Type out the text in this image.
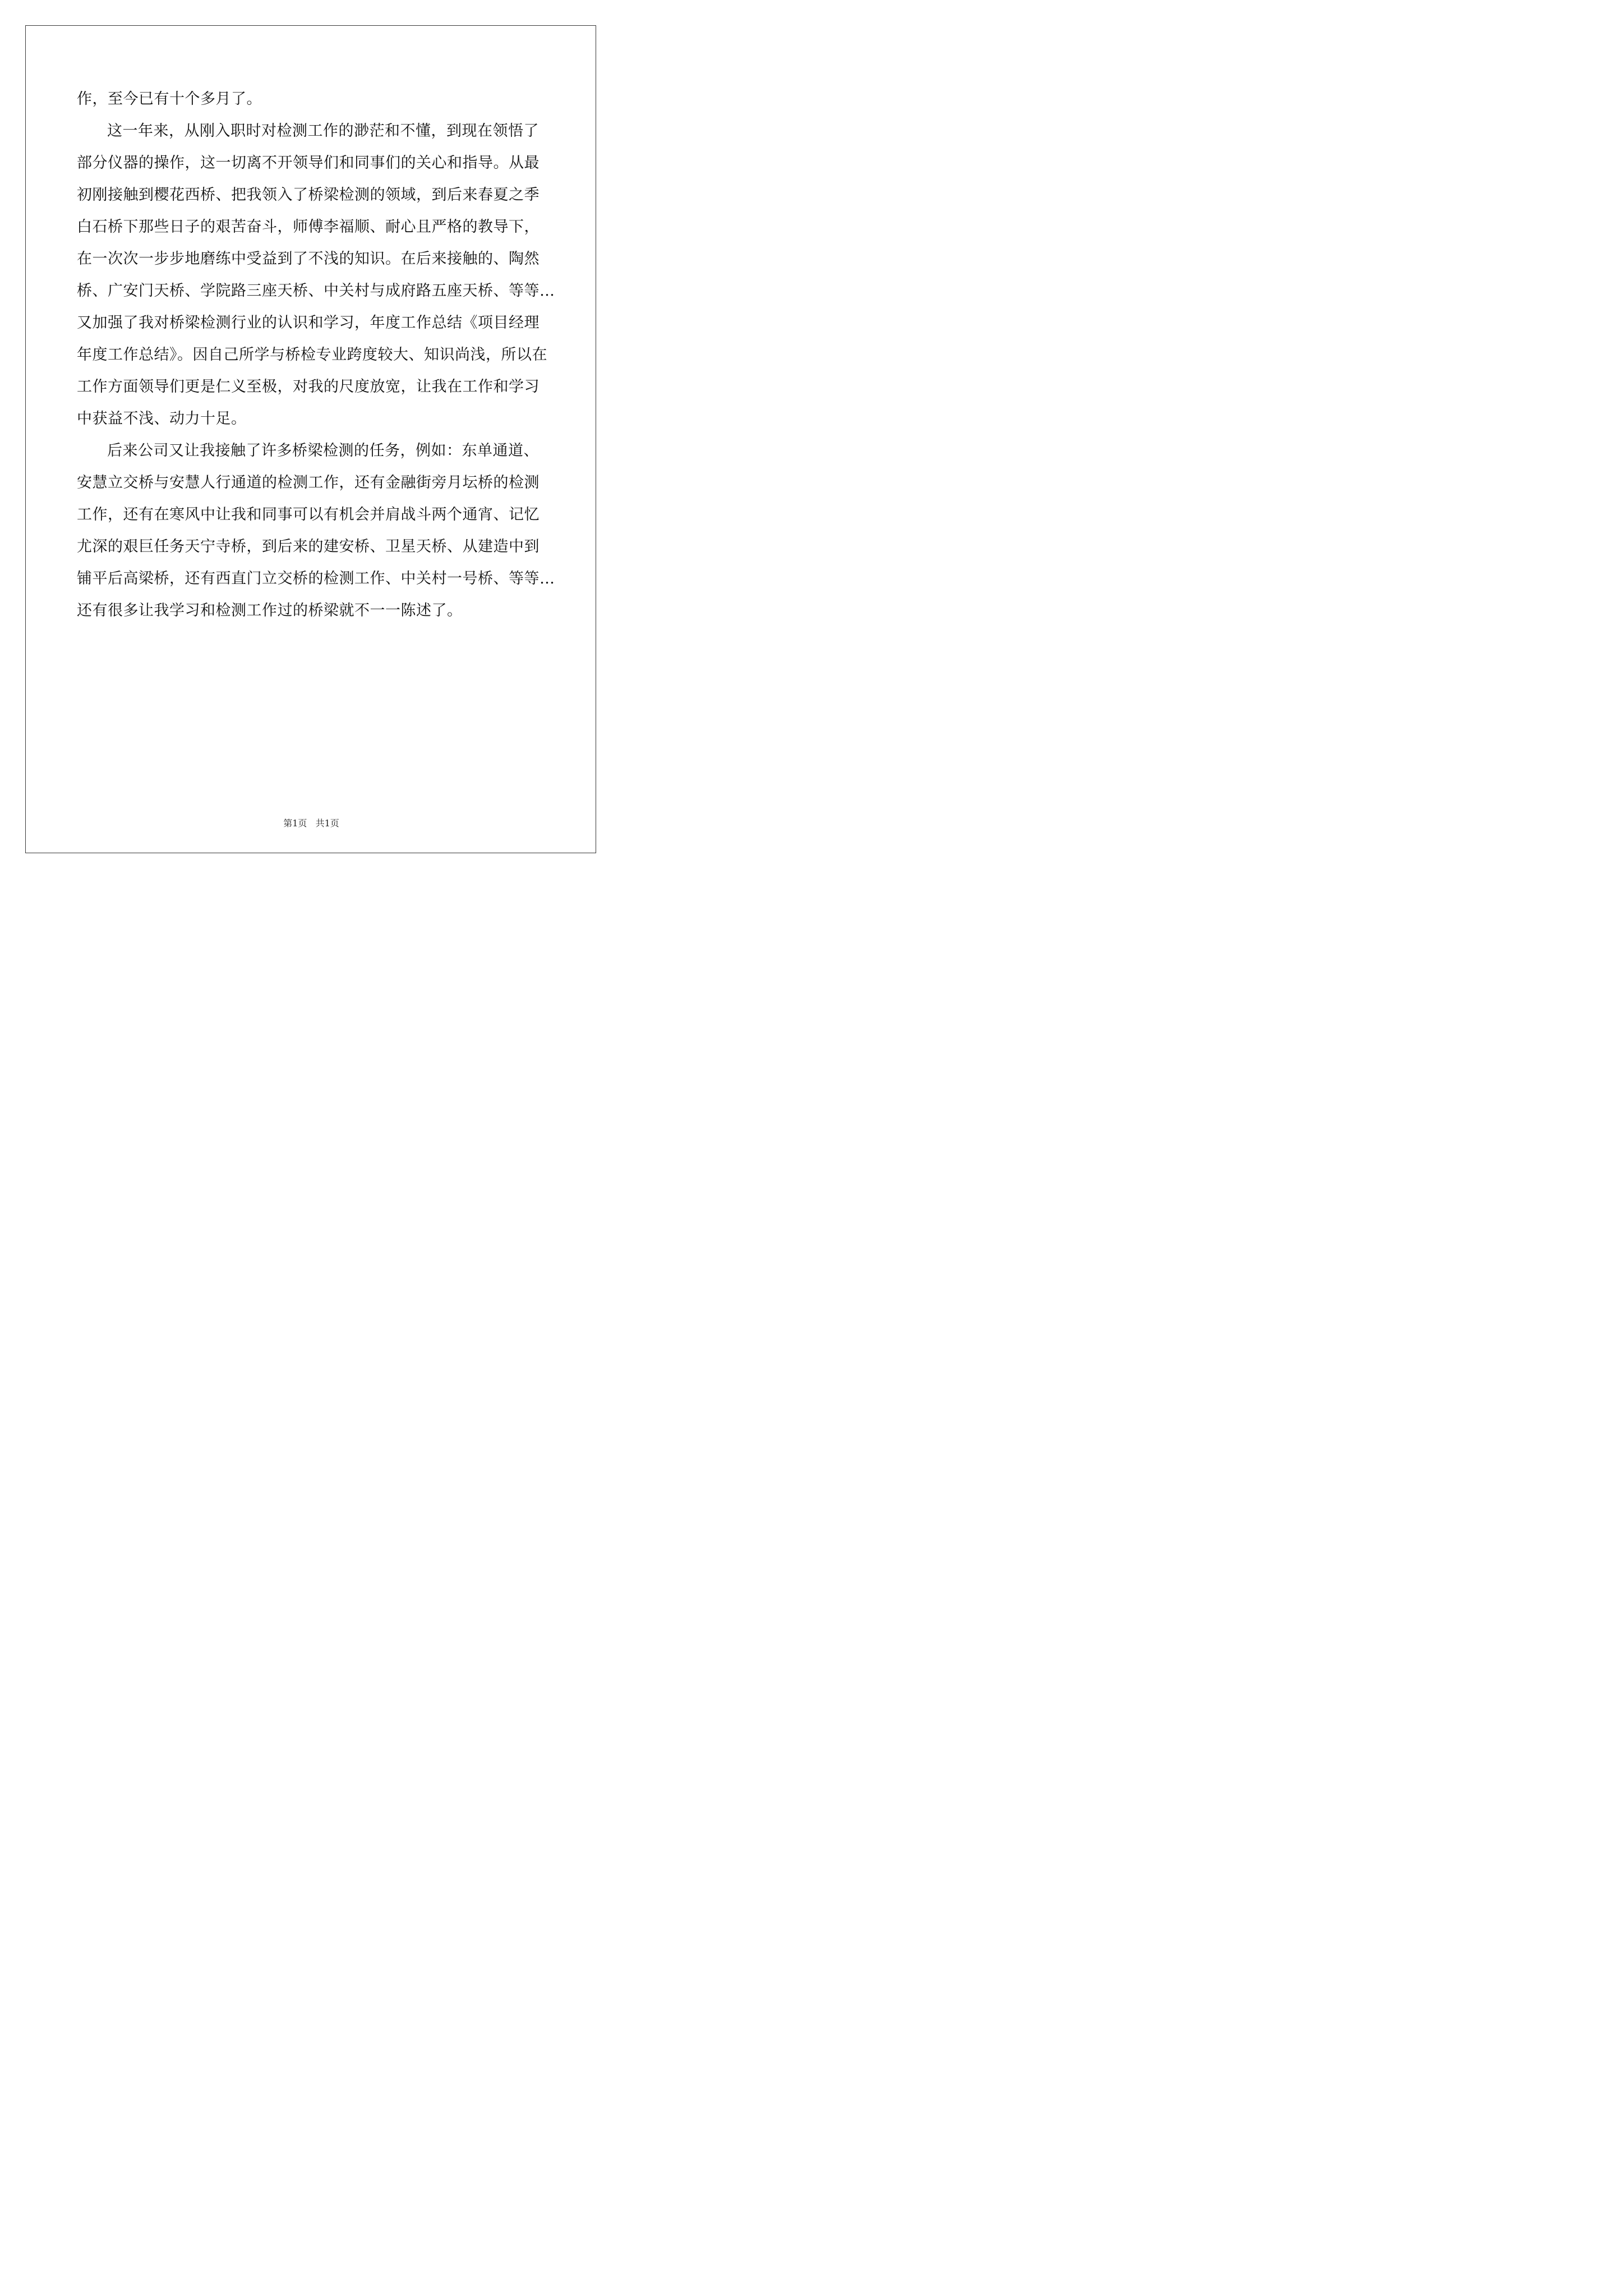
作，至今已有十个多月了。
这一年来，从刚入职时对检测工作的渺茫和不懂，到现在领悟了
部分仪器的操作，这一切离不开领导们和同事们的关心和指导。从最
初刚接触到樱花西桥、把我领入了桥梁检测的领域，到后来春夏之季
白石桥下那些日子的艰苦奋斗，师傅李福顺、耐心且严格的教导下，
在一次次一步步地磨练中受益到了不浅的知识。在后来接触的、陶然
桥、广安门天桥、学院路三座天桥、中关村与成府路五座天桥、等等…
又加强了我对桥梁检测行业的认识和学习，年度工作总结《项目经理
年度工作总结》。因自己所学与桥检专业跨度较大、知识尚浅，所以在
工作方面领导们更是仁义至极，对我的尺度放宽，让我在工作和学习
中获益不浅、动力十足。
后来公司又让我接触了许多桥梁检测的任务，例如：东单通道、
安慧立交桥与安慧人行通道的检测工作，还有金融街旁月坛桥的检测
工作，还有在寒风中让我和同事可以有机会并肩战斗两个通宵、记忆
尤深的艰巨任务天宁寺桥，到后来的建安桥、卫星天桥、从建造中到
铺平后高梁桥，还有西直门立交桥的检测工作、中关村一号桥、等等…
还有很多让我学习和检测工作过的桥梁就不一一陈述了。
第1页   共1页
